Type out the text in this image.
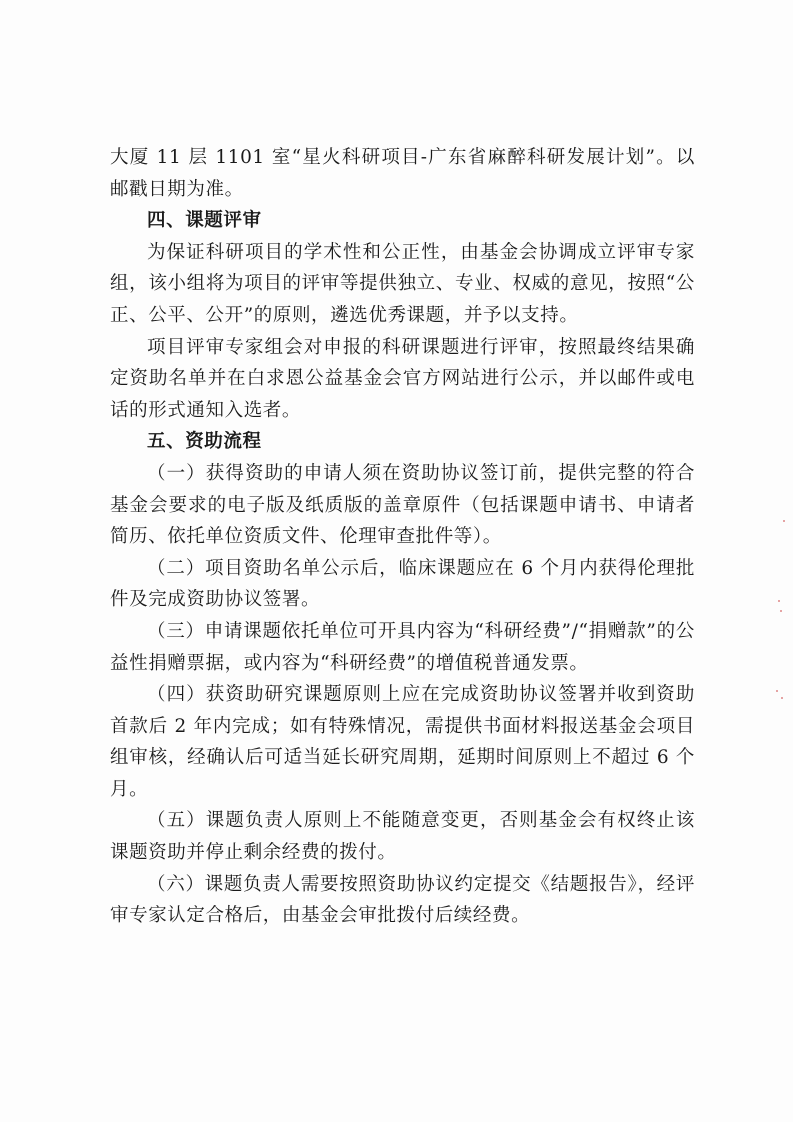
大厦 11 层 1101 室“星火科研项目-广东省麻醉科研发展计划”。以邮戳日期为准。

四、课题评审

为保证科研项目的学术性和公正性，由基金会协调成立评审专家组，该小组将为项目的评审等提供独立、专业、权威的意见，按照“公正、公平、公开”的原则，遴选优秀课题，并予以支持。

项目评审专家组会对申报的科研课题进行评审，按照最终结果确定资助名单并在白求恩公益基金会官方网站进行公示，并以邮件或电话的形式通知入选者。

五、资助流程

（一）获得资助的申请人须在资助协议签订前，提供完整的符合基金会要求的电子版及纸质版的盖章原件（包括课题申请书、申请者简历、依托单位资质文件、伦理审查批件等）。

（二）项目资助名单公示后，临床课题应在 6 个月内获得伦理批件及完成资助协议签署。

（三）申请课题依托单位可开具内容为“科研经费”/“捐赠款”的公益性捐赠票据，或内容为“科研经费”的增值税普通发票。

（四）获资助研究课题原则上应在完成资助协议签署并收到资助首款后 2 年内完成；如有特殊情况，需提供书面材料报送基金会项目组审核，经确认后可适当延长研究周期，延期时间原则上不超过 6 个月。

（五）课题负责人原则上不能随意变更，否则基金会有权终止该课题资助并停止剩余经费的拨付。

（六）课题负责人需要按照资助协议约定提交《结题报告》，经评审专家认定合格后，由基金会审批拨付后续经费。
